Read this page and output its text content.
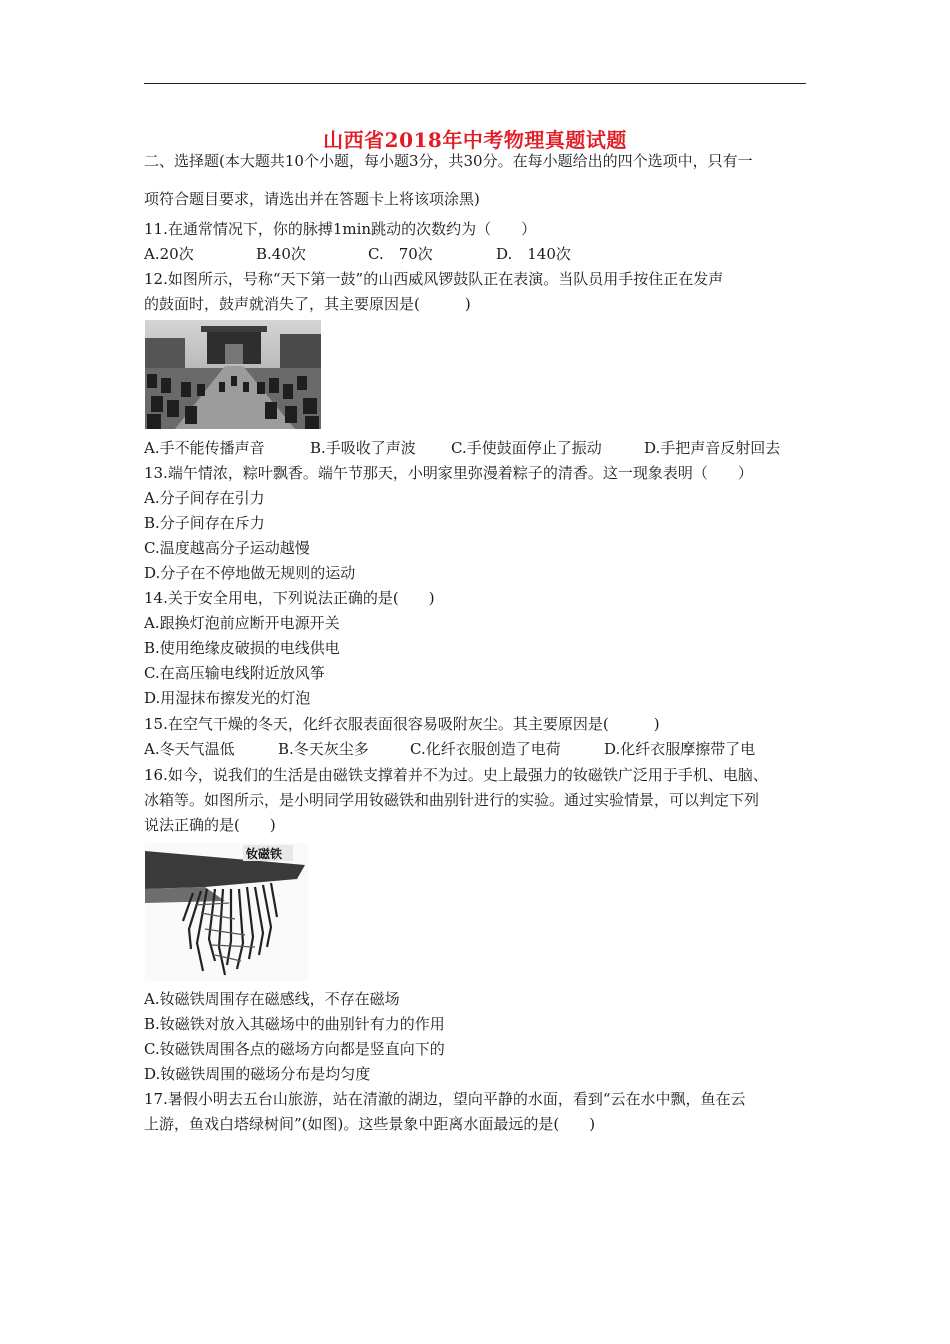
山西省2018年中考物理真题试题
二、选择题(本大题共10个小题，每小题3分，共30分。在每小题给出的四个选项中，只有一
项符合题目要求，请选出并在答题卡上将该项涂黑)
11.在通常情况下，你的脉搏1min跳动的次数约为（　　）
A.20次	B.40次	C.　70次	D.　140次
12.如图所示，号称“天下第一鼓”的山西威风锣鼓队正在表演。当队员用手按住正在发声
的鼓面时，鼓声就消失了，其主要原因是(　　　)
A.手不能传播声音	B.手吸收了声波 C.手使鼓面停止了振动	D.手把声音反射回去
13.端午情浓，粽叶飘香。端午节那天，小明家里弥漫着粽子的清香。这一现象表明（　　）
A.分子间存在引力
B.分子间存在斥力
C.温度越高分子运动越慢
D.分子在不停地做无规则的运动
14.关于安全用电，下列说法正确的是(　　)
A.跟换灯泡前应断开电源开关
B.使用绝缘皮破损的电线供电
C.在高压输电线附近放风筝
D.用湿抹布擦发光的灯泡
15.在空气干燥的冬天，化纤衣服表面很容易吸附灰尘。其主要原因是(　　　)
A.冬天气温低	B.冬天灰尘多	C.化纤衣服创造了电荷	D.化纤衣服摩擦带了电
16.如今，说我们的生活是由磁铁支撑着并不为过。史上最强力的钕磁铁广泛用于手机、电脑、
冰箱等。如图所示，是小明同学用钕磁铁和曲别针进行的实验。通过实验情景，可以判定下列
说法正确的是(　　)
钕磁铁
A.钕磁铁周围存在磁感线，不存在磁场
B.钕磁铁对放入其磁场中的曲别针有力的作用
C.钕磁铁周围各点的磁场方向都是竖直向下的
D.钕磁铁周围的磁场分布是均匀度
17.暑假小明去五台山旅游，站在清澈的湖边，望向平静的水面，看到“云在水中飘，鱼在云
上游，鱼戏白塔绿树间”(如图)。这些景象中距离水面最远的是(　　)
